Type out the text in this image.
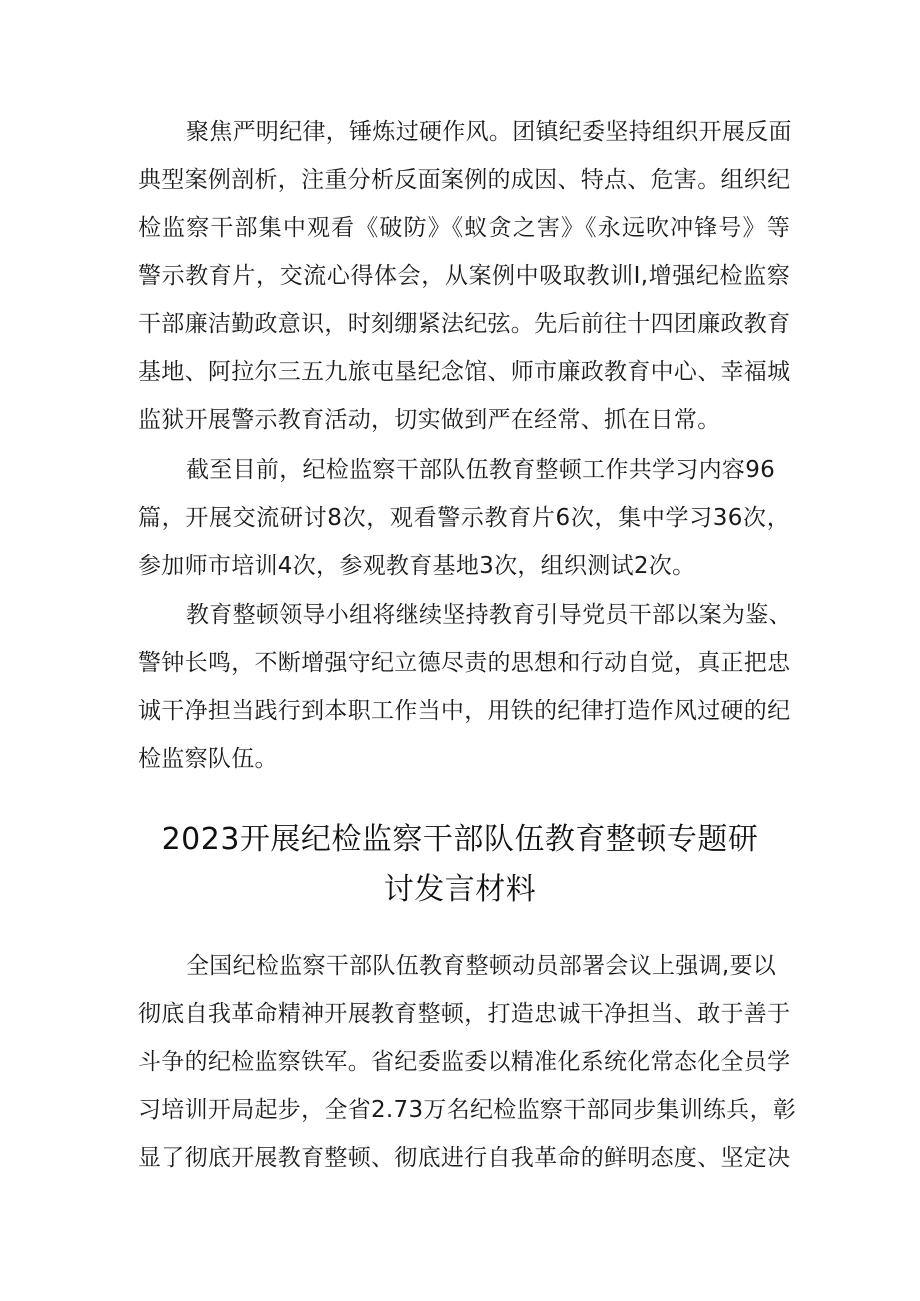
聚焦严明纪律，锤炼过硬作风。团镇纪委坚持组织开展反面
典型案例剖析，注重分析反面案例的成因、特点、危害。组织纪
检监察干部集中观看《破防》《蚁贪之害》《永远吹冲锋号》等
警示教育片，交流心得体会，从案例中吸取教训I,增强纪检监察
干部廉洁勤政意识，时刻绷紧法纪弦。先后前往十四团廉政教育
基地、阿拉尔三五九旅屯垦纪念馆、师市廉政教育中心、幸福城
监狱开展警示教育活动，切实做到严在经常、抓在日常。
截至目前，纪检监察干部队伍教育整顿工作共学习内容96
篇，开展交流研讨8次，观看警示教育片6次，集中学习36次，
参加师市培训4次，参观教育基地3次，组织测试2次。
教育整顿领导小组将继续坚持教育引导党员干部以案为鉴、
警钟长鸣，不断增强守纪立德尽责的思想和行动自觉，真正把忠
诚干净担当践行到本职工作当中，用铁的纪律打造作风过硬的纪
检监察队伍。
2023开展纪检监察干部队伍教育整顿专题研
讨发言材料
全国纪检监察干部队伍教育整顿动员部署会议上强调,要以
彻底自我革命精神开展教育整顿，打造忠诚干净担当、敢于善于
斗争的纪检监察铁军。省纪委监委以精准化系统化常态化全员学
习培训开局起步，全省2.73万名纪检监察干部同步集训练兵，彰
显了彻底开展教育整顿、彻底进行自我革命的鲜明态度、坚定决
